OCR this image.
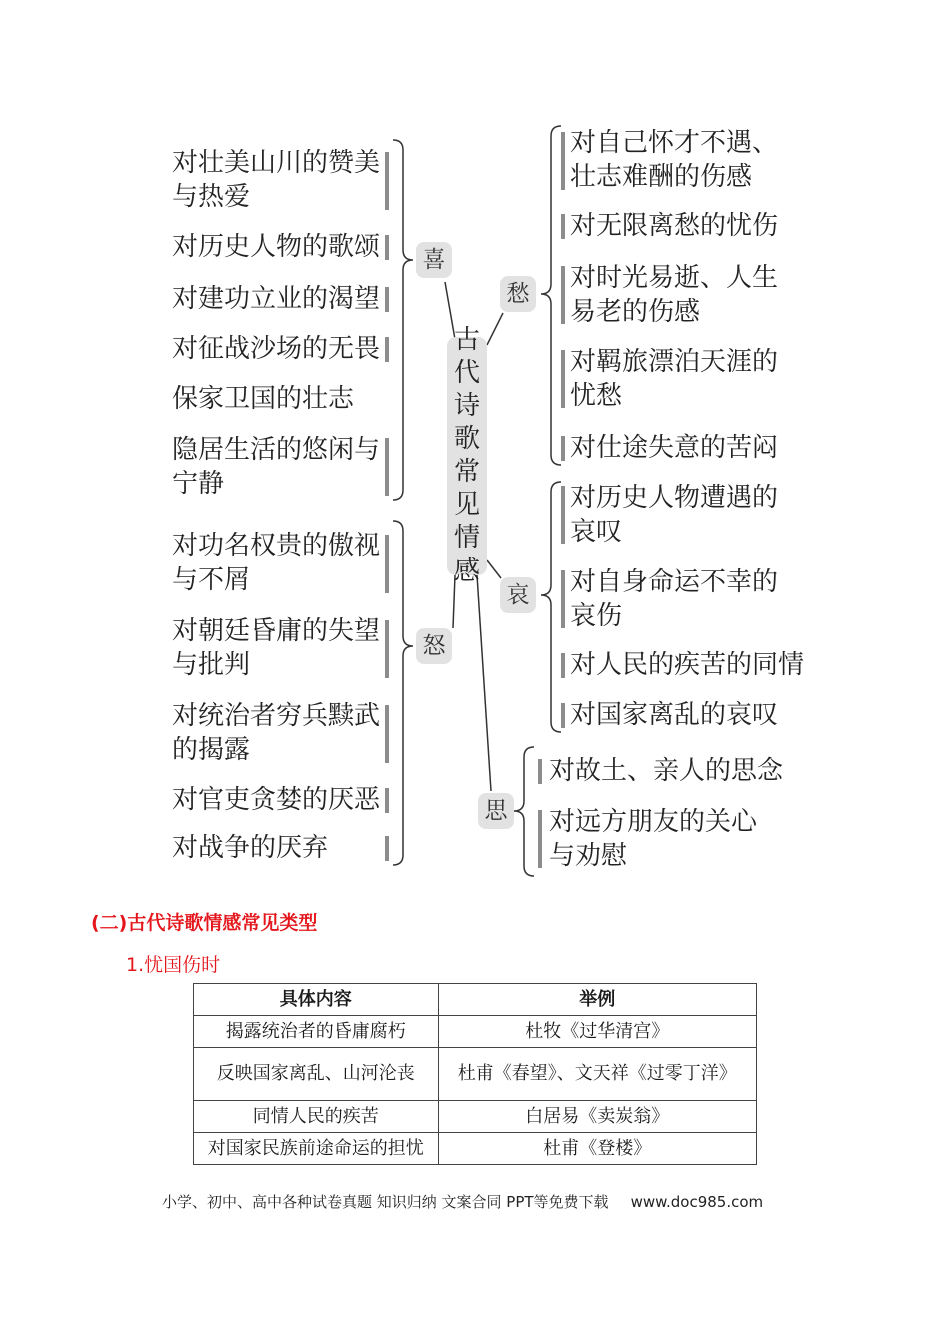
古代诗歌常见情感
喜
怒
愁
哀
思
对壮美山川的赞美
与热爱
对历史人物的歌颂
对建功立业的渴望
对征战沙场的无畏
保家卫国的壮志
隐居生活的悠闲与
宁静
对功名权贵的傲视
与不屑
对朝廷昏庸的失望
与批判
对统治者穷兵黩武
的揭露
对官吏贪婪的厌恶
对战争的厌弃
对自己怀才不遇、
壮志难酬的伤感
对无限离愁的忧伤
对时光易逝、人生
易老的伤感
对羁旅漂泊天涯的
忧愁
对仕途失意的苦闷
对历史人物遭遇的
哀叹
对自身命运不幸的
哀伤
对人民的疾苦的同情
对国家离乱的哀叹
对故土、亲人的思念
对远方朋友的关心
与劝慰
(二)古代诗歌情感常见类型
1.忧国伤时
具体内容	举例
揭露统治者的昏庸腐朽	杜牧《过华清宫》
反映国家离乱、山河沦丧	杜甫《春望》、文天祥《过零丁洋》
同情人民的疾苦	白居易《卖炭翁》
对国家民族前途命运的担忧	杜甫《登楼》
小学、初中、高中各种试卷真题 知识归纳 文案合同 PPT等免费下载 www.doc985.com
